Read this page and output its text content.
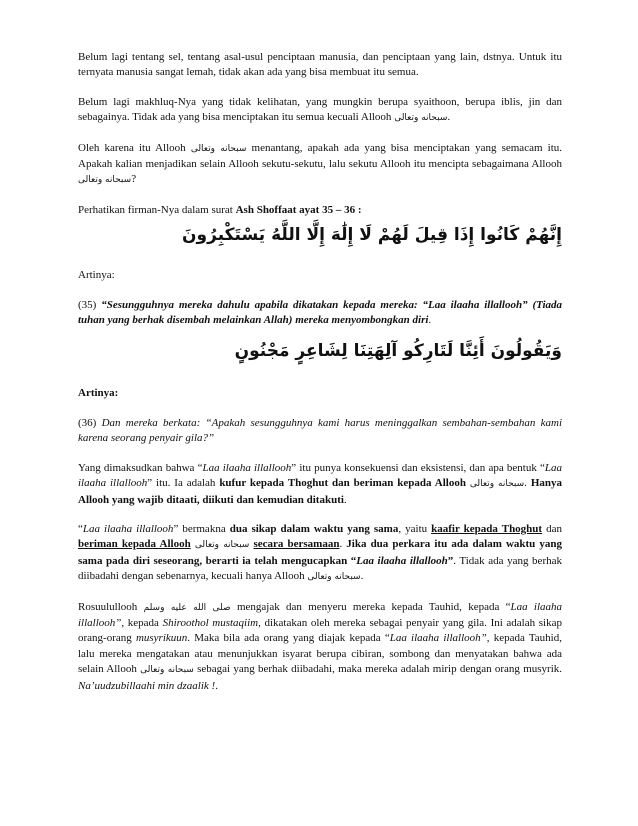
Belum lagi tentang sel, tentang asal-usul penciptaan manusia, dan penciptaan yang lain, dstnya. Untuk itu ternyata manusia sangat lemah, tidak akan ada yang bisa membuat itu semua.

Belum lagi makhluq-Nya yang tidak kelihatan, yang mungkin berupa syaithoon, berupa iblis, jin dan sebagainya. Tidak ada yang bisa menciptakan itu semua kecuali Allooh سبحانه وتعالى.

Oleh karena itu Allooh سبحانه وتعالى menantang, apakah ada yang bisa menciptakan yang semacam itu. Apakah kalian menjadikan selain Allooh sekutu-sekutu, lalu sekutu Allooh itu mencipta sebagaimana Allooh سبحانه وتعالى?

Perhatikan firman-Nya dalam surat Ash Shoffaat ayat 35 – 36 :

إِنَّهُمْ كَانُوا إِذَا قِيلَ لَهُمْ لَا إِلَٰهَ إِلَّا اللَّهُ يَسْتَكْبِرُونَ

Artinya:

(35) “Sesungguhnya mereka dahulu apabila dikatakan kepada mereka: “Laa ilaaha illallooh” (Tiada tuhan yang berhak disembah melainkan Allah) mereka menyombongkan diri.

وَيَقُولُونَ أَئِنَّا لَتَارِكُو آلِهَتِنَا لِشَاعِرٍ مَجْنُونٍ

Artinya:

(36) Dan mereka berkata: “Apakah sesungguhnya kami harus meninggalkan sembahan-sembahan kami karena seorang penyair gila?”

Yang dimaksudkan bahwa “Laa ilaaha illallooh” itu punya konsekuensi dan eksistensi, dan apa bentuk “Laa ilaaha illallooh” itu. Ia adalah kufur kepada Thoghut dan beriman kepada Allooh سبحانه وتعالى. Hanya Allooh yang wajib ditaati, diikuti dan kemudian ditakuti.

“Laa ilaaha illallooh” bermakna dua sikap dalam waktu yang sama, yaitu kaafir kepada Thoghut dan beriman kepada Allooh سبحانه وتعالى secara bersamaan. Jika dua perkara itu ada dalam waktu yang sama pada diri seseorang, berarti ia telah mengucapkan “Laa ilaaha illallooh”. Tidak ada yang berhak diibadahi dengan sebenarnya, kecuali hanya Allooh سبحانه وتعالى.

Rosuulullooh صلى الله عليه وسلم mengajak dan menyeru mereka kepada Tauhid, kepada “Laa ilaaha illallooh”, kepada Shiroothol mustaqiim, dikatakan oleh mereka sebagai penyair yang gila. Ini adalah sikap orang-orang musyrikuun. Maka bila ada orang yang diajak kepada “Laa ilaaha illallooh”, kepada Tauhid, lalu mereka mengatakan atau menunjukkan isyarat berupa cibiran, sombong dan menyatakan bahwa ada selain Allooh سبحانه وتعالى sebagai yang berhak diibadahi, maka mereka adalah mirip dengan orang musyrik. Na’uudzubillaahi min dzaalik !.
